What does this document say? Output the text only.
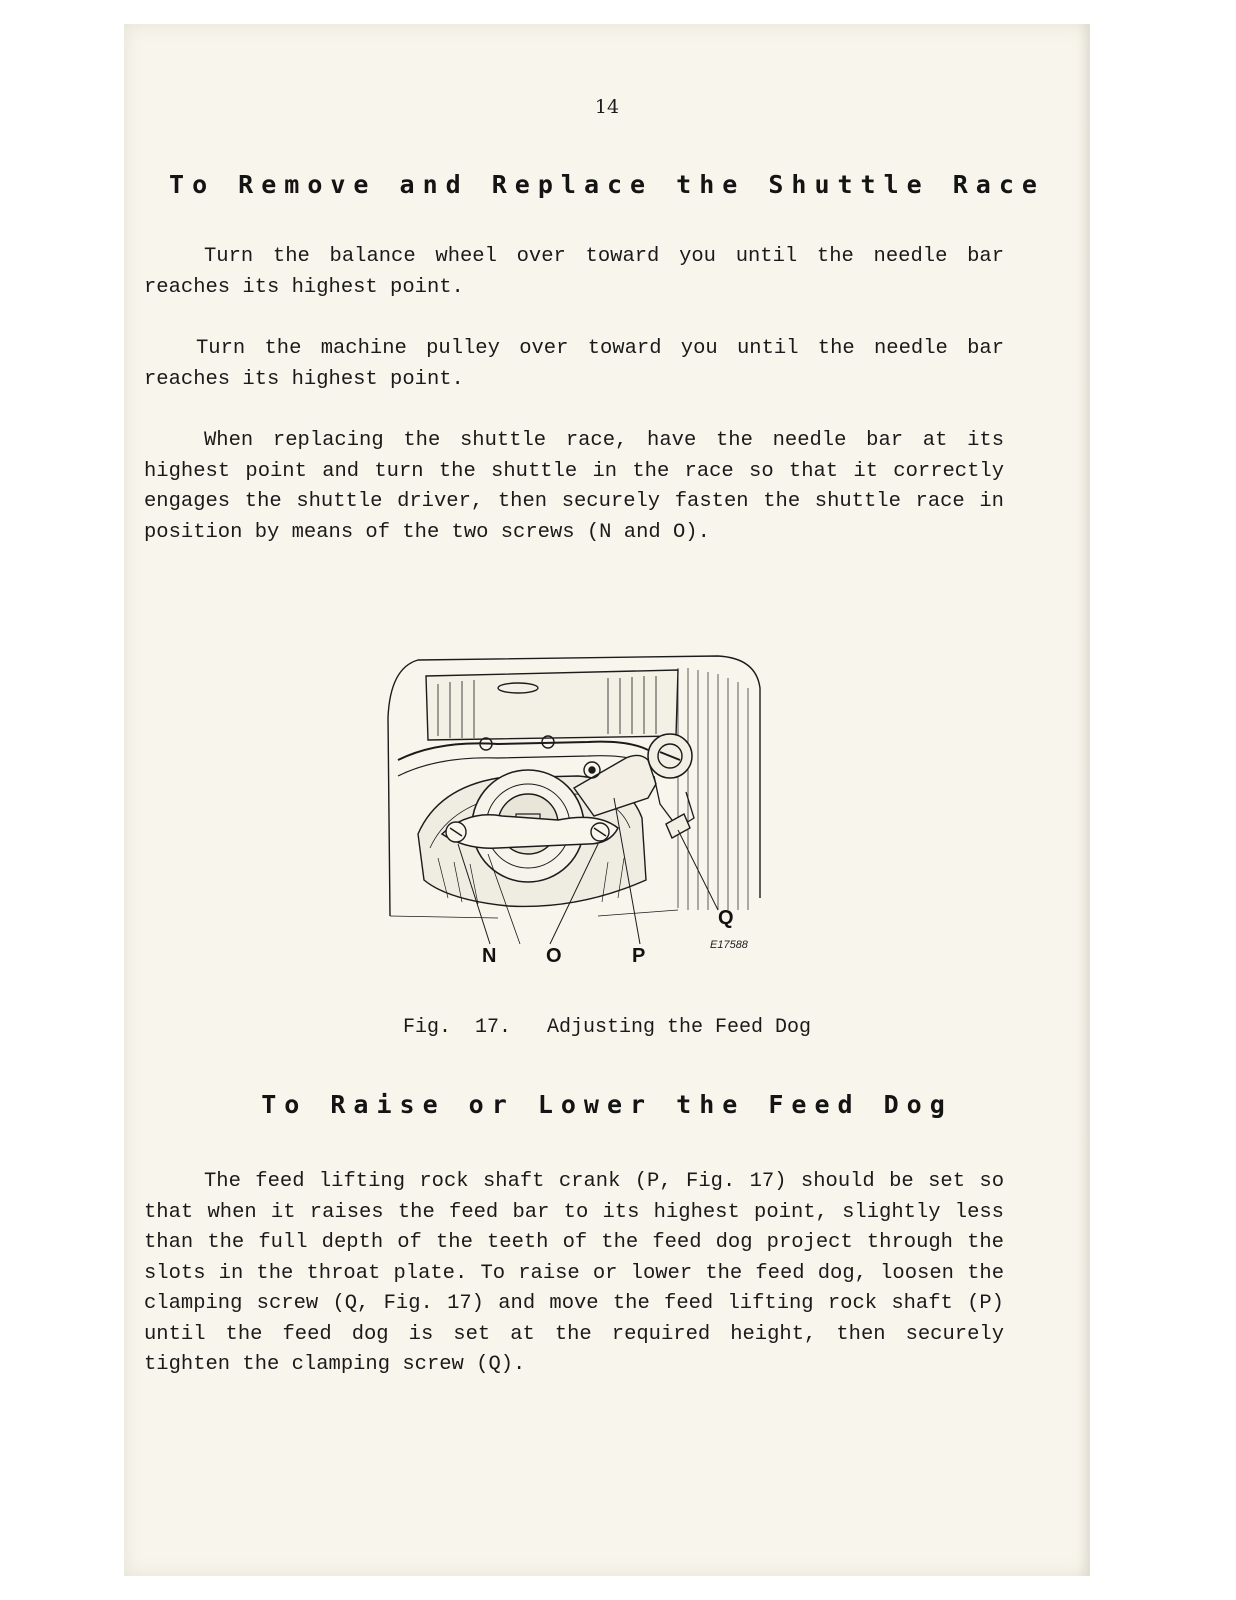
14
To Remove and Replace the Shuttle Race

Turn the balance wheel over toward you until the needle bar reaches its highest point.

Turn the machine pulley over toward you until the needle bar reaches its highest point.

When replacing the shuttle race, have the needle bar at its highest point and turn the shuttle in the race so that it correctly engages the shuttle driver, then securely fasten the shuttle race in position by means of the two screws (N and O).

N O	P
Q
E17588
Fig.  17.   Adjusting the Feed Dog
To Raise or Lower the Feed Dog

The feed lifting rock shaft crank (P, Fig. 17) should be set so that when it raises the feed bar to its highest point, slightly less than the full depth of the teeth of the feed dog project through the slots in the throat plate. To raise or lower the feed dog, loosen the clamping screw (Q, Fig. 17) and move the feed lifting rock shaft (P) until the feed dog is set at the required height, then securely tighten the clamping screw (Q).
